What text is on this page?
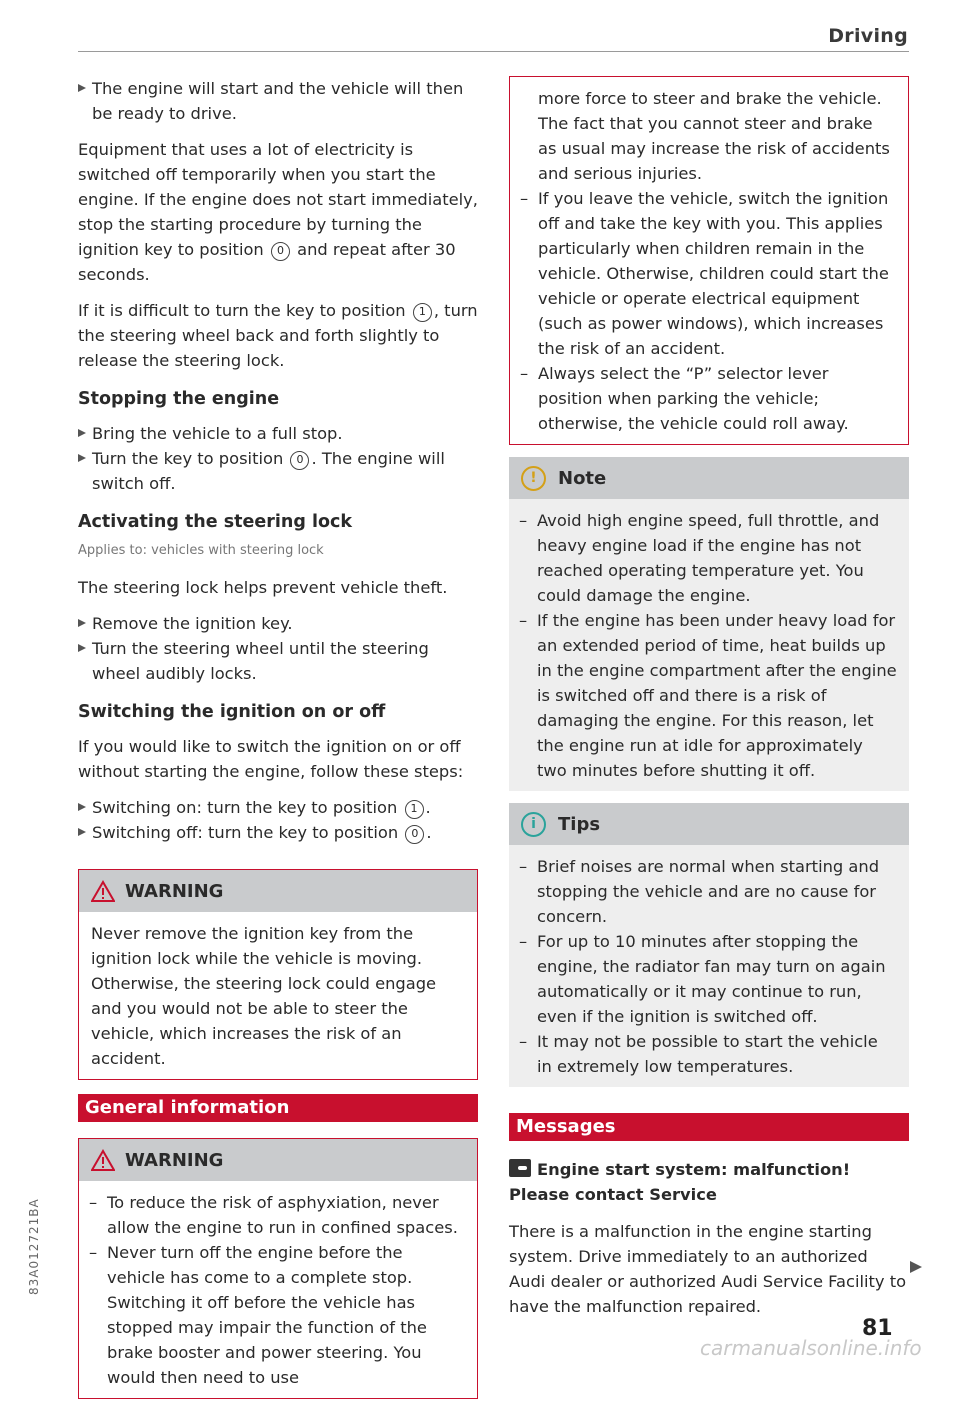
Driving

The engine will start and the vehicle will then be ready to drive.

Equipment that uses a lot of electricity is switched off temporarily when you start the engine. If the engine does not start immediately, stop the starting procedure by turning the ignition key to position 0 and repeat after 30 seconds.

If it is difficult to turn the key to position 1 , turn the steering wheel back and forth slightly to release the steering lock.

Stopping the engine

Bring the vehicle to a full stop.

Turn the key to position 0 . The engine will switch off.

Activating the steering lock
Applies to: vehicles with steering lock

The steering lock helps prevent vehicle theft.

Remove the ignition key.

Turn the steering wheel until the steering wheel audibly locks.

Switching the ignition on or off

If you would like to switch the ignition on or off without starting the engine, follow these steps:

Switching on: turn the key to position 1 .

Switching off: turn the key to position 0 .

WARNING

Never remove the ignition key from the ignition lock while the vehicle is moving. Otherwise, the steering lock could engage and you would not be able to steer the vehicle, which increases the risk of an accident.

General information
WARNING

– To reduce the risk of asphyxiation, never allow the engine to run in confined spaces.

– Never turn off the engine before the vehicle has come to a complete stop. Switching it off before the vehicle has stopped may impair the function of the brake booster and power steering. You would then need to use

more force to steer and brake the vehicle. The fact that you cannot steer and brake as usual may increase the risk of accidents and serious injuries.

– If you leave the vehicle, switch the ignition off and take the key with you. This applies particularly when children remain in the vehicle. Otherwise, children could start the vehicle or operate electrical equipment (such as power windows), which increases the risk of an accident.

– Always select the “P” selector lever position when parking the vehicle; otherwise, the vehicle could roll away.

!	Note

– Avoid high engine speed, full throttle, and heavy engine load if the engine has not reached operating temperature yet. You could damage the engine.

– If the engine has been under heavy load for an extended period of time, heat builds up in the engine compartment after the engine is switched off and there is a risk of damaging the engine. For this reason, let the engine run at idle for approximately two minutes before shutting it off.

i	Tips

– Brief noises are normal when starting and stopping the vehicle and are no cause for concern.

– For up to 10 minutes after stopping the engine, the radiator fan may turn on again automatically or it may continue to run, even if the ignition is switched off.

– It may not be possible to start the vehicle in extremely low temperatures.

Messages

Engine start system: malfunction! Please contact Service

There is a malfunction in the engine starting system. Drive immediately to an authorized Audi dealer or authorized Audi Service Facility to have the malfunction repaired.

81
83A012721BA
carmanualsonline.info
